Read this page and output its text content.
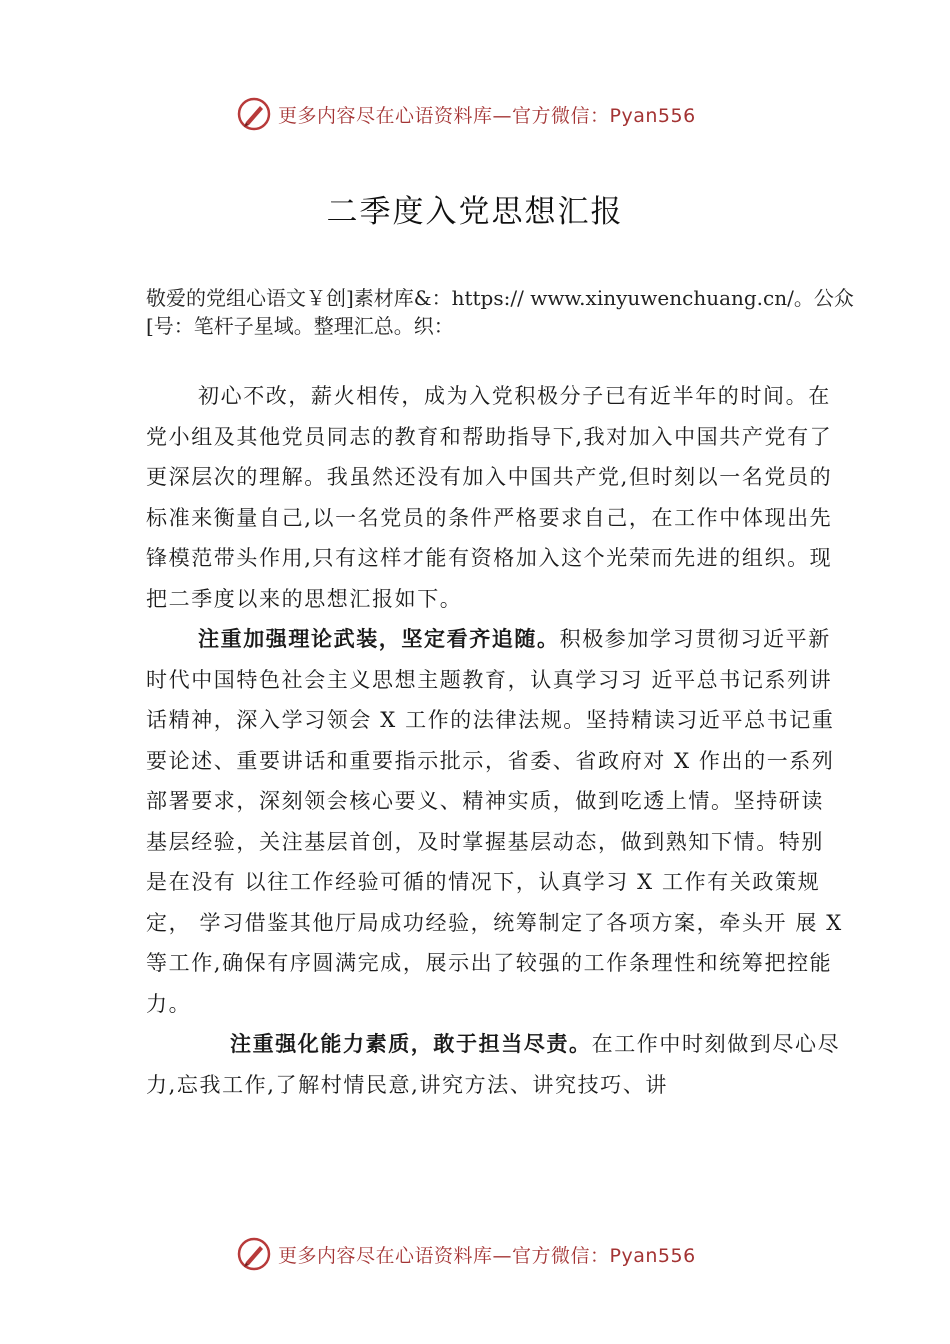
更多内容尽在心语资料库—官方微信：Pyan556
二季度入党思想汇报
敬爱的党组心语文￥创]素材库&：https:// www.xinyuwenchuang.cn/。公众[号：笔杆子星域。整理汇总。织：

初心不改，薪火相传，成为入党积极分子已有近半年的时间。在党小组及其他党员同志的教育和帮助指导下,我对加入中国共产党有了更深层次的理解。我虽然还没有加入中国共产党,但时刻以一名党员的标准来衡量自己,以一名党员的条件严格要求自己，在工作中体现出先锋模范带头作用,只有这样才能有资格加入这个光荣而先进的组织。现把二季度以来的思想汇报如下。

注重加强理论武装，坚定看齐追随。积极参加学习贯彻习近平新时代中国特色社会主义思想主题教育，认真学习习 近平总书记系列讲话精神，深入学习领会 X 工作的法律法规。坚持精读习近平总书记重要论述、重要讲话和重要指示批示，省委、省政府对 X 作出的一系列部署要求，深刻领会核心要义、精神实质，做到吃透上情。坚持研读基层经验，关注基层首创，及时掌握基层动态，做到熟知下情。特别是在没有 以往工作经验可循的情况下，认真学习 X 工作有关政策规定， 学习借鉴其他厅局成功经验，统筹制定了各项方案，牵头开 展 X 等工作,确保有序圆满完成，展示出了较强的工作条理性和统筹把控能力。

注重强化能力素质，敢于担当尽责。在工作中时刻做到尽心尽力,忘我工作,了解村情民意,讲究方法、讲究技巧、讲

更多内容尽在心语资料库—官方微信：Pyan556
